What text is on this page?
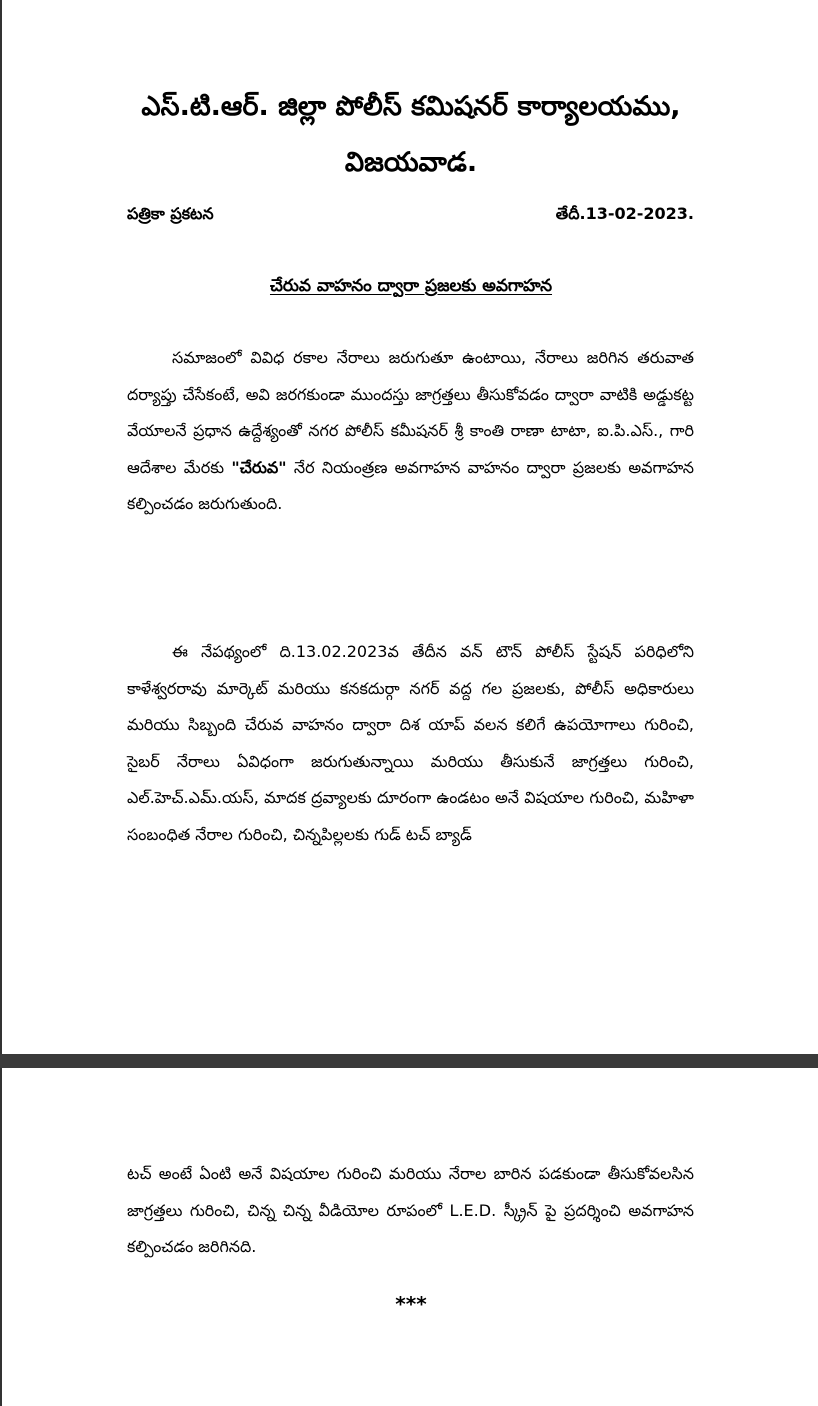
ఎస్.టి.ఆర్. జిల్లా పోలీస్ కమిషనర్ కార్యాలయము,
విజయవాడ.
పత్రికా ప్రకటన	తేదీ.13-02-2023.
చేరువ వాహనం ద్వారా ప్రజలకు అవగాహన

సమాజంలో వివిధ రకాల నేరాలు జరుగుతూ ఉంటాయి, నేరాలు జరిగిన తరువాత దర్యాప్తు చేసేకంటే, అవి జరగకుండా ముందస్తు జాగ్రత్తలు తీసుకోవడం ద్వారా వాటికి అడ్డుకట్ట వేయాలనే ప్రధాన ఉద్దేశ్యంతో నగర పోలీస్ కమీషనర్ శ్రీ కాంతి రాణా టాటా, ఐ.పి.ఎస్., గారి ఆదేశాల మేరకు "చేరువ" నేర నియంత్రణ అవగాహన వాహనం ద్వారా ప్రజలకు అవగాహన కల్పించడం జరుగుతుంది.

ఈ నేపథ్యంలో ది.13.02.2023వ తేదీన వన్ టౌన్ పోలీస్ స్టేషన్ పరిధిలోని కాళేశ్వరరావు మార్కెట్ మరియు కనకదుర్గా నగర్ వద్ద గల ప్రజలకు, పోలీస్ అధికారులు మరియు సిబ్బంది చేరువ వాహనం ద్వారా దిశ యాప్ వలన కలిగే ఉపయోగాలు గురించి, సైబర్ నేరాలు ఏవిధంగా జరుగుతున్నాయి మరియు తీసుకునే జాగ్రత్తలు గురించి, ఎల్.హెచ్.ఎమ్.యస్, మాదక ద్రవ్యాలకు దూరంగా ఉండటం అనే విషయాల గురించి, మహిళా సంబంధిత నేరాల గురించి, చిన్నపిల్లలకు గుడ్ టచ్ బ్యాడ్

టచ్ అంటే ఏంటి అనే విషయాల గురించి మరియు నేరాల బారిన పడకుండా తీసుకోవలసిన జాగ్రత్తలు గురించి, చిన్న చిన్న వీడియోల రూపంలో L.E.D. స్క్రీన్ పై ప్రదర్శించి అవగాహన కల్పించడం జరిగినది.

***
